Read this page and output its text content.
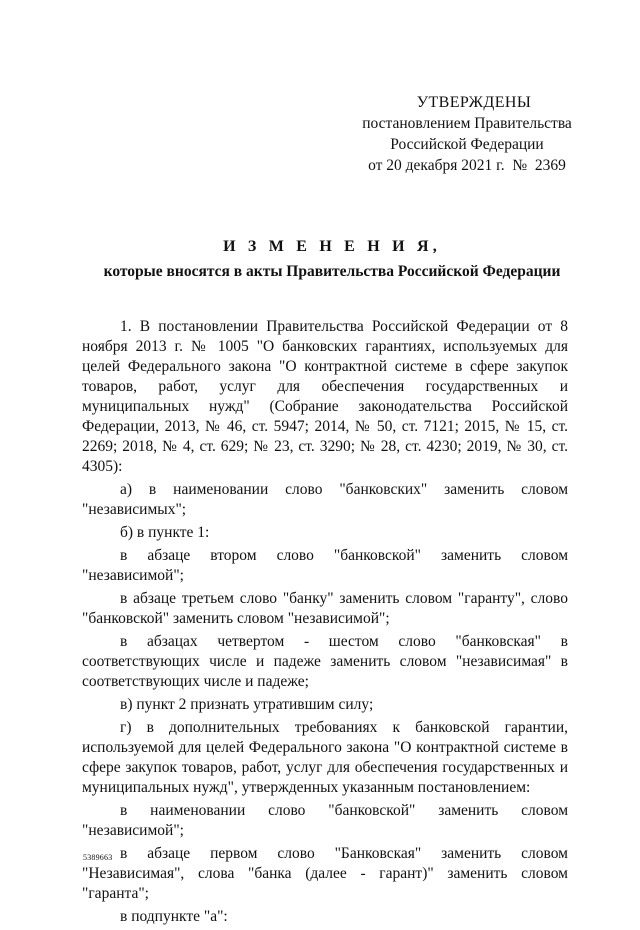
УТВЕРЖДЕНЫ
постановлением Правительства
Российской Федерации
от 20 декабря 2021 г.  №  2369
И З М Е Н Е Н И Я,
которые вносятся в акты Правительства Российской Федерации

1. В постановлении Правительства Российской Федерации от 8 ноября 2013 г. № 1005 "О банковских гарантиях, используемых для целей Федерального закона "О контрактной системе в сфере закупок товаров, работ, услуг для обеспечения государственных и муниципальных нужд" (Собрание законодательства Российской Федерации, 2013, № 46, ст. 5947; 2014, № 50, ст. 7121; 2015, № 15, ст. 2269; 2018, № 4, ст. 629; № 23, ст. 3290; № 28, ст. 4230; 2019, № 30, ст. 4305):

а) в наименовании слово "банковских" заменить словом "независимых";

б) в пункте 1:

в абзаце втором слово "банковской" заменить словом "независимой";

в абзаце третьем слово "банку" заменить словом "гаранту", слово "банковской" заменить словом "независимой";

в абзацах четвертом - шестом слово "банковская" в соответствующих числе и падеже заменить словом "независимая" в соответствующих числе и падеже;

в) пункт 2 признать утратившим силу;

г) в дополнительных требованиях к банковской гарантии, используемой для целей Федерального закона "О контрактной системе в сфере закупок товаров, работ, услуг для обеспечения государственных и муниципальных нужд", утвержденных указанным постановлением:

в наименовании слово "банковской" заменить словом "независимой";

в абзаце первом слово "Банковская" заменить словом "Независимая", слова "банка (далее - гарант)" заменить словом "гаранта";

в подпункте "а":

5389663
